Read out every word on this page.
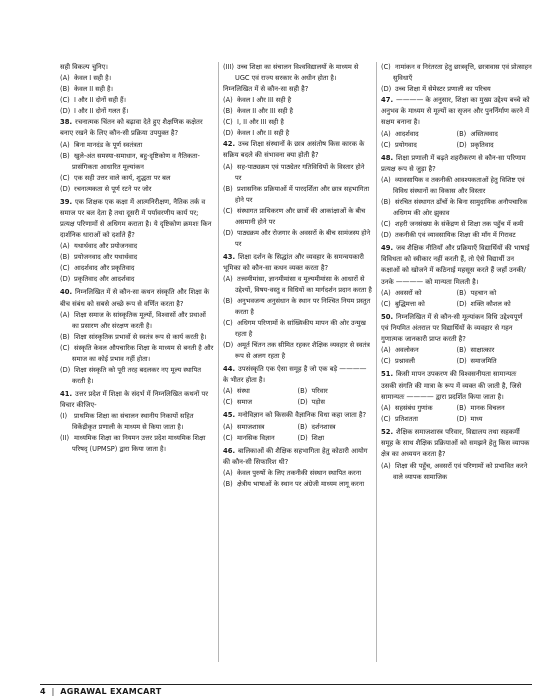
सही विकल्प चुनिए।
(A) केवल I सही है।
(B) केवल II सही है।
(C) I और II दोनों सही हैं।
(D) I और II दोनों गलत हैं।
38. रचनात्मक चिंतन को बढ़ावा देते हुए शैक्षणिक कक्षेतर बनाए रखने के लिए कौन-सी प्रक्रिया उपयुक्त है?
(A) बिना मानदंड के पूर्ण स्वतंत्रता
(B) खुले-अंत समस्या-समाधान, बहु-दृष्टिकोण व नैतिकता-प्रासंगिकता आधारित मूल्यांकन
(C) एक सही उत्तर वाले कार्य, शुद्धता पर बल
(D) रचनात्मकता से पूर्ण रटने पर जोर
39. एक शिक्षक एक कक्षा में आत्मनिरीक्षण, नैतिक तर्क व समाज पर बल देता है तथा दूसरी में पर्यावरणीय कार्य पर; प्रत्यक्ष परिणामों से अधिगम कराता है। ये दृष्टिकोण क्रमशः किन दार्शनिक धाराओं को दर्शाते हैं?
(A) यथार्थवाद और प्रयोजनवाद
(B) प्रयोजनवाद और यथार्थवाद
(C) आदर्शवाद और प्रकृतिवाद
(D) प्रकृतिवाद और आदर्शवाद
40. निम्नलिखित में से कौन-सा कथन संस्कृति और शिक्षा के बीच संबंध को सबसे अच्छे रूप से वर्णित करता है?
(A) शिक्षा समाज के सांस्कृतिक मूल्यों, विश्वासों और प्रथाओं का प्रसारण और संरक्षण करती है।
(B) शिक्षा सांस्कृतिक प्रभावों से स्वतंत्र रूप से कार्य करती है।
(C) संस्कृति केवल औपचारिक शिक्षा के माध्यम से बनती है और समाज का कोई प्रभाव नहीं होता।
(D) शिक्षा संस्कृति को पूरी तरह बदलकर नए मूल्य स्थापित करती है।
41. उत्तर प्रदेश में शिक्षा के संदर्भ में निम्नलिखित कथनों पर विचार कीजिए-
(I) प्राथमिक शिक्षा का संचालन स्थानीय निकायों सहित विकेंद्रीकृत प्रणाली के माध्यम से किया जाता है।
(II) माध्यमिक शिक्षा का नियमन उत्तर प्रदेश माध्यमिक शिक्षा परिषद् (UPMSP) द्वारा किया जाता है।
(III) उच्च शिक्षा का संचालन विश्वविद्यालयों के माध्यम से UGC एवं राज्य सरकार के अधीन होता है।
निम्नलिखित में से कौन-सा सही है?
(A) केवल I और III सही है
(B) केवल II और III सही है
(C) I, II और III सही है
(D) केवल I और II सही है
42. उच्च शिक्षा संस्थानों के छात्र असंतोष किस कारक के सक्रिय बदले की संभावना क्या होती है?
(A) सह-पाठ्यक्रम एवं पाठ्येतर गतिविधियों के विस्तार होने पर
(B) प्रशासनिक प्रक्रियाओं में पारदर्शिता और छात्र सहभागिता होने पर
(C) संस्थागत प्राथिकरण और छात्रों की आकांक्षाओं के बीच असमानी होने पर
(D) पाठ्यक्रम और रोजगार के अवसरों के बीच सामंजस्य होने पर
43. शिक्षा दर्शन के सिद्धांत और व्यवहार के समन्वयकारी भूमिका को कौन-सा कथन व्यक्त करता है?
(A) तत्त्वमीमांसा, ज्ञानमीमांसा व मूल्यमीमांसा के आधारों से उद्देश्यों, विषय-वस्तु व विधियों का मार्गदर्शन प्रदान करता है
(B) अनुभवजन्य अनुसंधान के स्थान पर निश्चित नियम प्रस्तुत करता है
(C) अधिगम परिणामों के सांख्यिकीय मापन की ओर उन्मुख रहता है
(D) अमूर्त चिंतन तक सीमित रहकर शैक्षिक व्यवहार से स्वतंत्र रूप से अलग रहता है
44. उपसंस्कृति एक ऐसा समूह है जो एक बड़े ———— के भीतर होता है।
(A) संस्था	(B) परिवार
(C) समाज	(D) पड़ोस
45. मनोविज्ञान को किसकी वैज्ञानिक विधा कहा जाता है?
(A) समाजशास्त्र	(B) दर्शनशास्त्र
(C) मानसिक विज्ञान	(D) शिक्षा
46. बालिकाओं की शैक्षिक सहभागिता हेतु कोठारी आयोग की कौन-सी सिफारिश थी?
(A) केवल पुरुषों के लिए तकनीकी संस्थान स्थापित करना
(B) क्षेत्रीय भाषाओं के स्थान पर अंग्रेजी माध्यम लागू करना
(C) नामांकन व निरंतरता हेतु छात्रवृत्ति, छात्रावास एवं प्रोत्साहन सुविधाएँ
(D) उच्च शिक्षा में सेमेस्टर प्रणाली का परिचय
47. ———— के अनुसार, शिक्षा का मुख्य उद्देश्य बच्चे को अनुभव के माध्यम से मूल्यों का सृजन और पुनर्निर्माण करने में सक्षम बनाना है।
(A) आदर्शवाद	(B) अस्तित्ववाद
(C) प्रयोगवाद	(D) प्रकृतिवाद
48. शिक्षा प्रणाली में बढ़ते शहरीकरण से कौन-सा परिणाम प्रत्यक्ष रूप से जुड़ा है?
(A) व्यावसायिक व तकनीकी आवश्यकताओं हेतु विशिष्ट एवं विविध संस्थानों का विकास और विस्तार
(B) संरचित संस्थागत ढाँचों के बिना सामुदायिक अनौपचारिक अधिगम की ओर झुकाव
(C) शहरी जनसंख्या के संकेंद्रण से शिक्षा तक पहुँच में कमी
(D) तकनीकी एवं व्यावसायिक शिक्षा की माँग में गिरावट
49. जब शैक्षिक नीतियाँ और प्रक्रियाएँ विद्यार्थियों की भाषाई विविधता को स्वीकार नहीं करती हैं, तो ऐसे विद्यार्थी उन कक्षाओं को खोजने में कठिनाई महसूस करते हैं जहाँ उनकी/उनके ———— को मान्यता मिलती है।
(A) अवसरों को	(B) पहचान को
(C) बुद्धिमत्ता को	(D) शक्ति कौशल को
50. निम्नलिखित में से कौन-सी मूल्यांकन विधि उद्देश्यपूर्ण एवं नियमित अंतराल पर विद्यार्थियों के व्यवहार से गहन गुणात्मक जानकारी प्राप्त करती है?
(A) अवलोकन	(B) साक्षात्कार
(C) प्रश्नावली	(D) समाजमिति
51. किसी मापन उपकरण की विश्वसनीयता सामान्यतः उसकी संगति की मात्रा के रूप में व्यक्त की जाती है, जिसे सामान्यतः ———— द्वारा प्रदर्शित किया जाता है।
(A) सहसंबंध गुणांक	(B) मानक विचलन
(C) प्रतिशतता	(D) माध्य
52. शैक्षिक समाजशास्त्र परिवार, विद्यालय तथा सहकर्मी समूह के साथ शैक्षिक प्रक्रियाओं को समझने हेतु किस व्यापक क्षेत्र का अध्ययन करता है?
(A) शिक्षा की पहुँच, अवसरों एवं परिणामों को प्रभावित करने वाले व्यापक सामाजिक
4 | AGRAWAL EXAMCART
